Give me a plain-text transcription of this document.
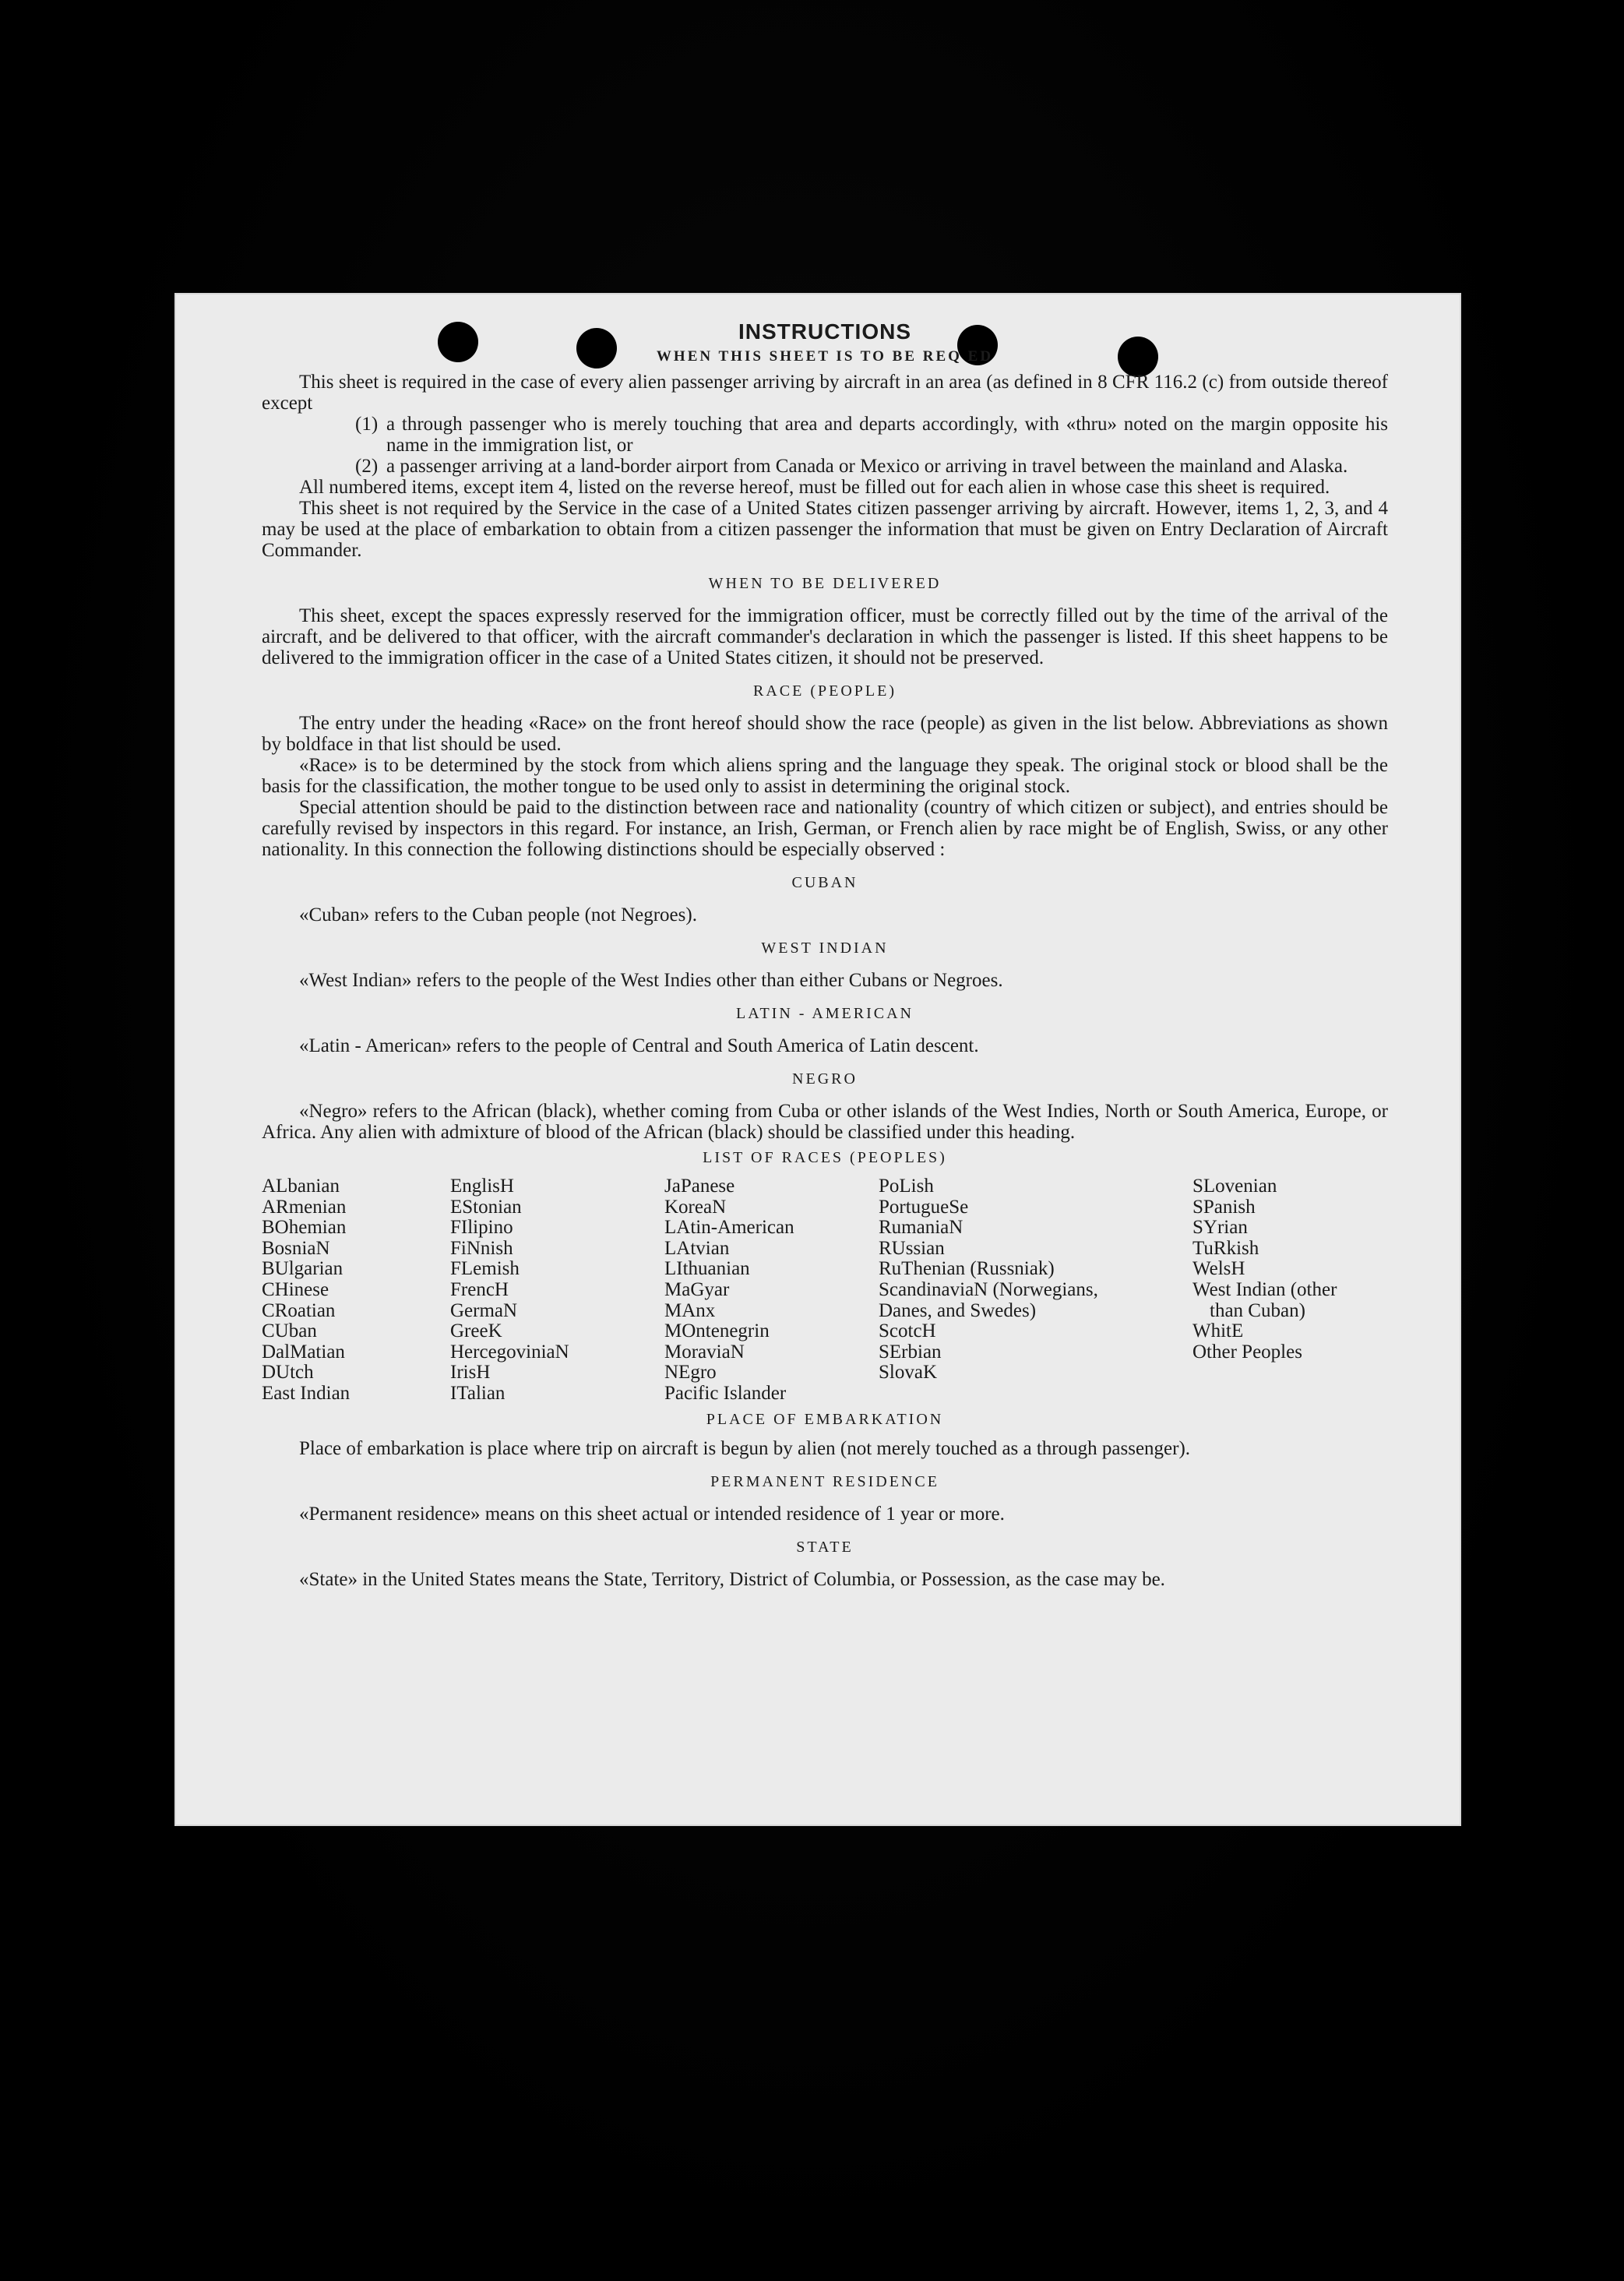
INSTRUCTIONS
WHEN THIS SHEET IS TO BE REQ ED

This sheet is required in the case of every alien passenger arriving by aircraft in an area (as defined in 8 CFR 116.2 (c) from outside thereof except

(1) a through passenger who is merely touching that area and departs accordingly, with «thru» noted on the margin opposite his name in the immigration list, or

(2) a passenger arriving at a land-border airport from Canada or Mexico or arriving in travel between the mainland and Alaska.

All numbered items, except item 4, listed on the reverse hereof, must be filled out for each alien in whose case this sheet is required.

This sheet is not required by the Service in the case of a United States citizen passenger arriving by aircraft. However, items 1, 2, 3, and 4 may be used at the place of embarkation to obtain from a citizen passenger the information that must be given on Entry Declaration of Aircraft Commander.

WHEN TO BE DELIVERED

This sheet, except the spaces expressly reserved for the immigration officer, must be correctly filled out by the time of the arrival of the aircraft, and be delivered to that officer, with the aircraft commander's declaration in which the passenger is listed. If this sheet happens to be delivered to the immigration officer in the case of a United States citizen, it should not be preserved.

RACE (PEOPLE)

The entry under the heading «Race» on the front hereof should show the race (people) as given in the list below. Abbreviations as shown by boldface in that list should be used.

«Race» is to be determined by the stock from which aliens spring and the language they speak. The original stock or blood shall be the basis for the classification, the mother tongue to be used only to assist in determining the original stock.

Special attention should be paid to the distinction between race and nationality (country of which citizen or subject), and entries should be carefully revised by inspectors in this regard. For instance, an Irish, German, or French alien by race might be of English, Swiss, or any other nationality. In this connection the following distinctions should be especially observed :

CUBAN

«Cuban» refers to the Cuban people (not Negroes).

WEST INDIAN

«West Indian» refers to the people of the West Indies other than either Cubans or Negroes.

LATIN - AMERICAN

«Latin - American» refers to the people of Central and South America of Latin descent.

NEGRO

«Negro» refers to the African (black), whether coming from Cuba or other islands of the West Indies, North or South America, Europe, or Africa. Any alien with admixture of blood of the African (black) should be classified under this heading.

LIST OF RACES (PEOPLES)
ALbanian
ARmenian
BOhemian
BosniaN
BUlgarian
CHinese
CRoatian
CUban
DalMatian
DUtch
East Indian
EnglisH
EStonian
FIlipino
FiNnish
FLemish
FrencH
GermaN
GreeK
HercegovinіaN
IrisH
ITalian
JaPanese
KoreaN
LAtin-American
LAtvian
LIthuanian
MaGyar
MAnx
MOntenegrin
MoraviaN
NEgro
Pacific Islander
PoLish
PortugueSe
RumaniaN
RUssian
RuThenian (Russniak)
ScandinaviaN (Norwegians, Danes, and Swedes)
ScotcH
SErbian
SlovaK
SLovenian
SPanish
SYrian
TuRkish
WelsH
West Indian (other
than Cuban)
WhitE
Other Peoples
PLACE OF EMBARKATION

Place of embarkation is place where trip on aircraft is begun by alien (not merely touched as a through passenger).

PERMANENT RESIDENCE

«Permanent residence» means on this sheet actual or intended residence of 1 year or more.

STATE

«State» in the United States means the State, Territory, District of Columbia, or Possession, as the case may be.
